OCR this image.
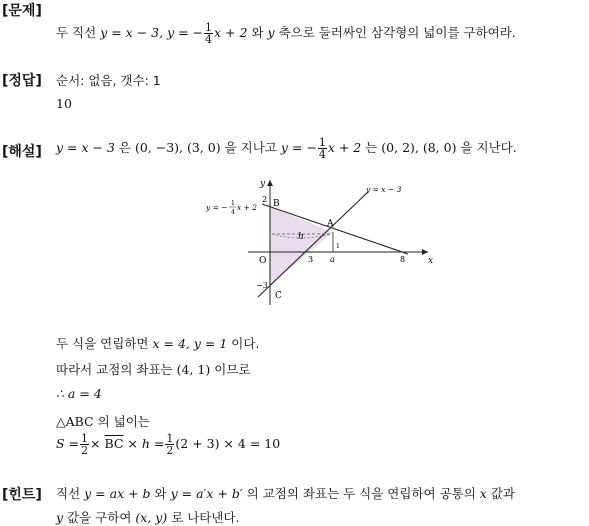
[문제]
두 직선 y = x − 3, y = − $\frac{1}{4}$ x + 2 와 y 축으로 둘러싸인 삼각형의 넓이를 구하여라.
[정답] 순서: 없음, 갯수: 1
10
[해설] y = x − 3 은 (0, −3), (3, 0) 을 지나고 y = − $\frac{1}{4}$ x + 2 는 (0, 2), (8, 0) 을 지난다.
h
y
x
O
B
A
C
2
−3
3 a	8
1
y = x − 3
y = − 1
4
x + 2
두 식을 연립하면 x = 4, y = 1 이다.
따라서 교점의 좌표는 (4, 1) 이므로
∴ a = 4
△ABC 의 넓이는
$S = \frac{1}{2} \times \overline{BC} \times h = \frac{1}{2} (2 + 3) \times 4 = 10$
[힌트] 직선 y = ax + b 와 y = a′x + b′ 의 교점의 좌표는 두 식을 연립하여 공통의 x 값과
y 값을 구하여 (x, y) 로 나타낸다.
